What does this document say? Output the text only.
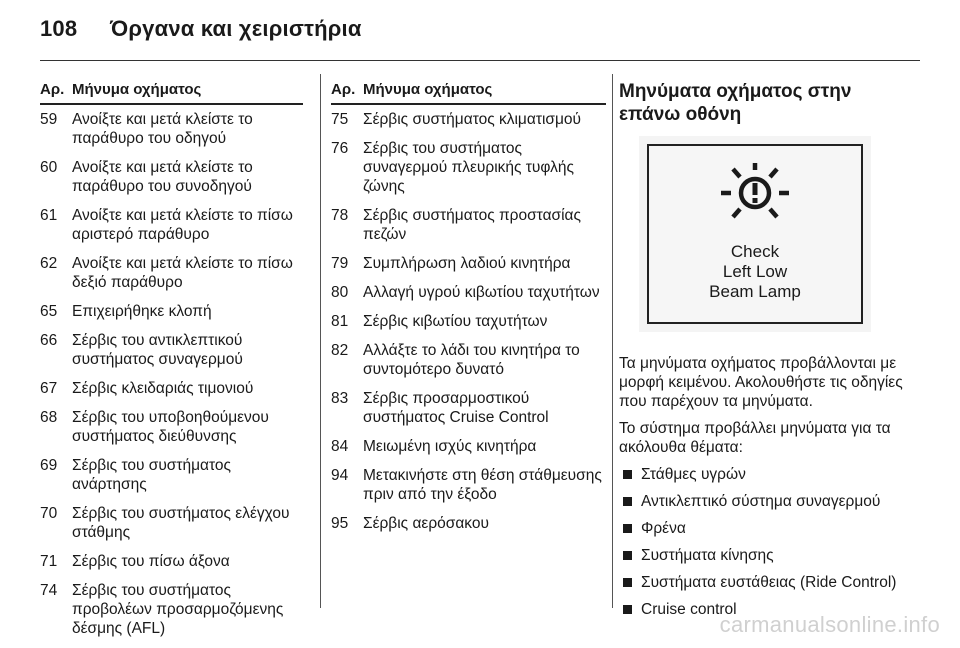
108 Όργανα και χειριστήρια
Αρ. Μήνυμα οχήματος
59 Ανοίξτε και μετά κλείστε το παράθυρο του οδηγού
60 Ανοίξτε και μετά κλείστε το παράθυρο του συνοδηγού
61 Ανοίξτε και μετά κλείστε το πίσω αριστερό παράθυρο
62 Ανοίξτε και μετά κλείστε το πίσω δεξιό παράθυρο
65 Επιχειρήθηκε κλοπή
66 Σέρβις του αντικλεπτικού συστήματος συναγερμού
67 Σέρβις κλειδαριάς τιμονιού
68 Σέρβις του υποβοηθούμενου συστήματος διεύθυνσης
69 Σέρβις του συστήματος ανάρτησης
70 Σέρβις του συστήματος ελέγχου στάθμης
71 Σέρβις του πίσω άξονα
74 Σέρβις του συστήματος προβολέων προσαρμοζόμενης δέσμης (AFL)
Αρ. Μήνυμα οχήματος
75 Σέρβις συστήματος κλιματισμού
76 Σέρβις του συστήματος συναγερμού πλευρικής τυφλής ζώνης
78 Σέρβις συστήματος προστασίας πεζών
79 Συμπλήρωση λαδιού κινητήρα
80 Αλλαγή υγρού κιβωτίου ταχυτήτων
81 Σέρβις κιβωτίου ταχυτήτων
82 Αλλάξτε το λάδι του κινητήρα το συντομότερο δυνατό
83 Σέρβις προσαρμοστικού συστήματος Cruise Control
84 Μειωμένη ισχύς κινητήρα
94 Μετακινήστε στη θέση στάθμευσης πριν από την έξοδο
95 Σέρβις αερόσακου
Μηνύματα οχήματος στην επάνω οθόνη
Check
Left Low
Beam Lamp

Τα μηνύματα οχήματος προβάλλονται με μορφή κειμένου. Ακολουθήστε τις οδηγίες που παρέχουν τα μηνύματα.

Το σύστημα προβάλλει μηνύματα για τα ακόλουθα θέματα:

Στάθμες υγρών
Αντικλεπτικό σύστημα συναγερμού
Φρένα
Συστήματα κίνησης
Συστήματα ευστάθειας (Ride Control)
Cruise control
carmanualsonline.info
